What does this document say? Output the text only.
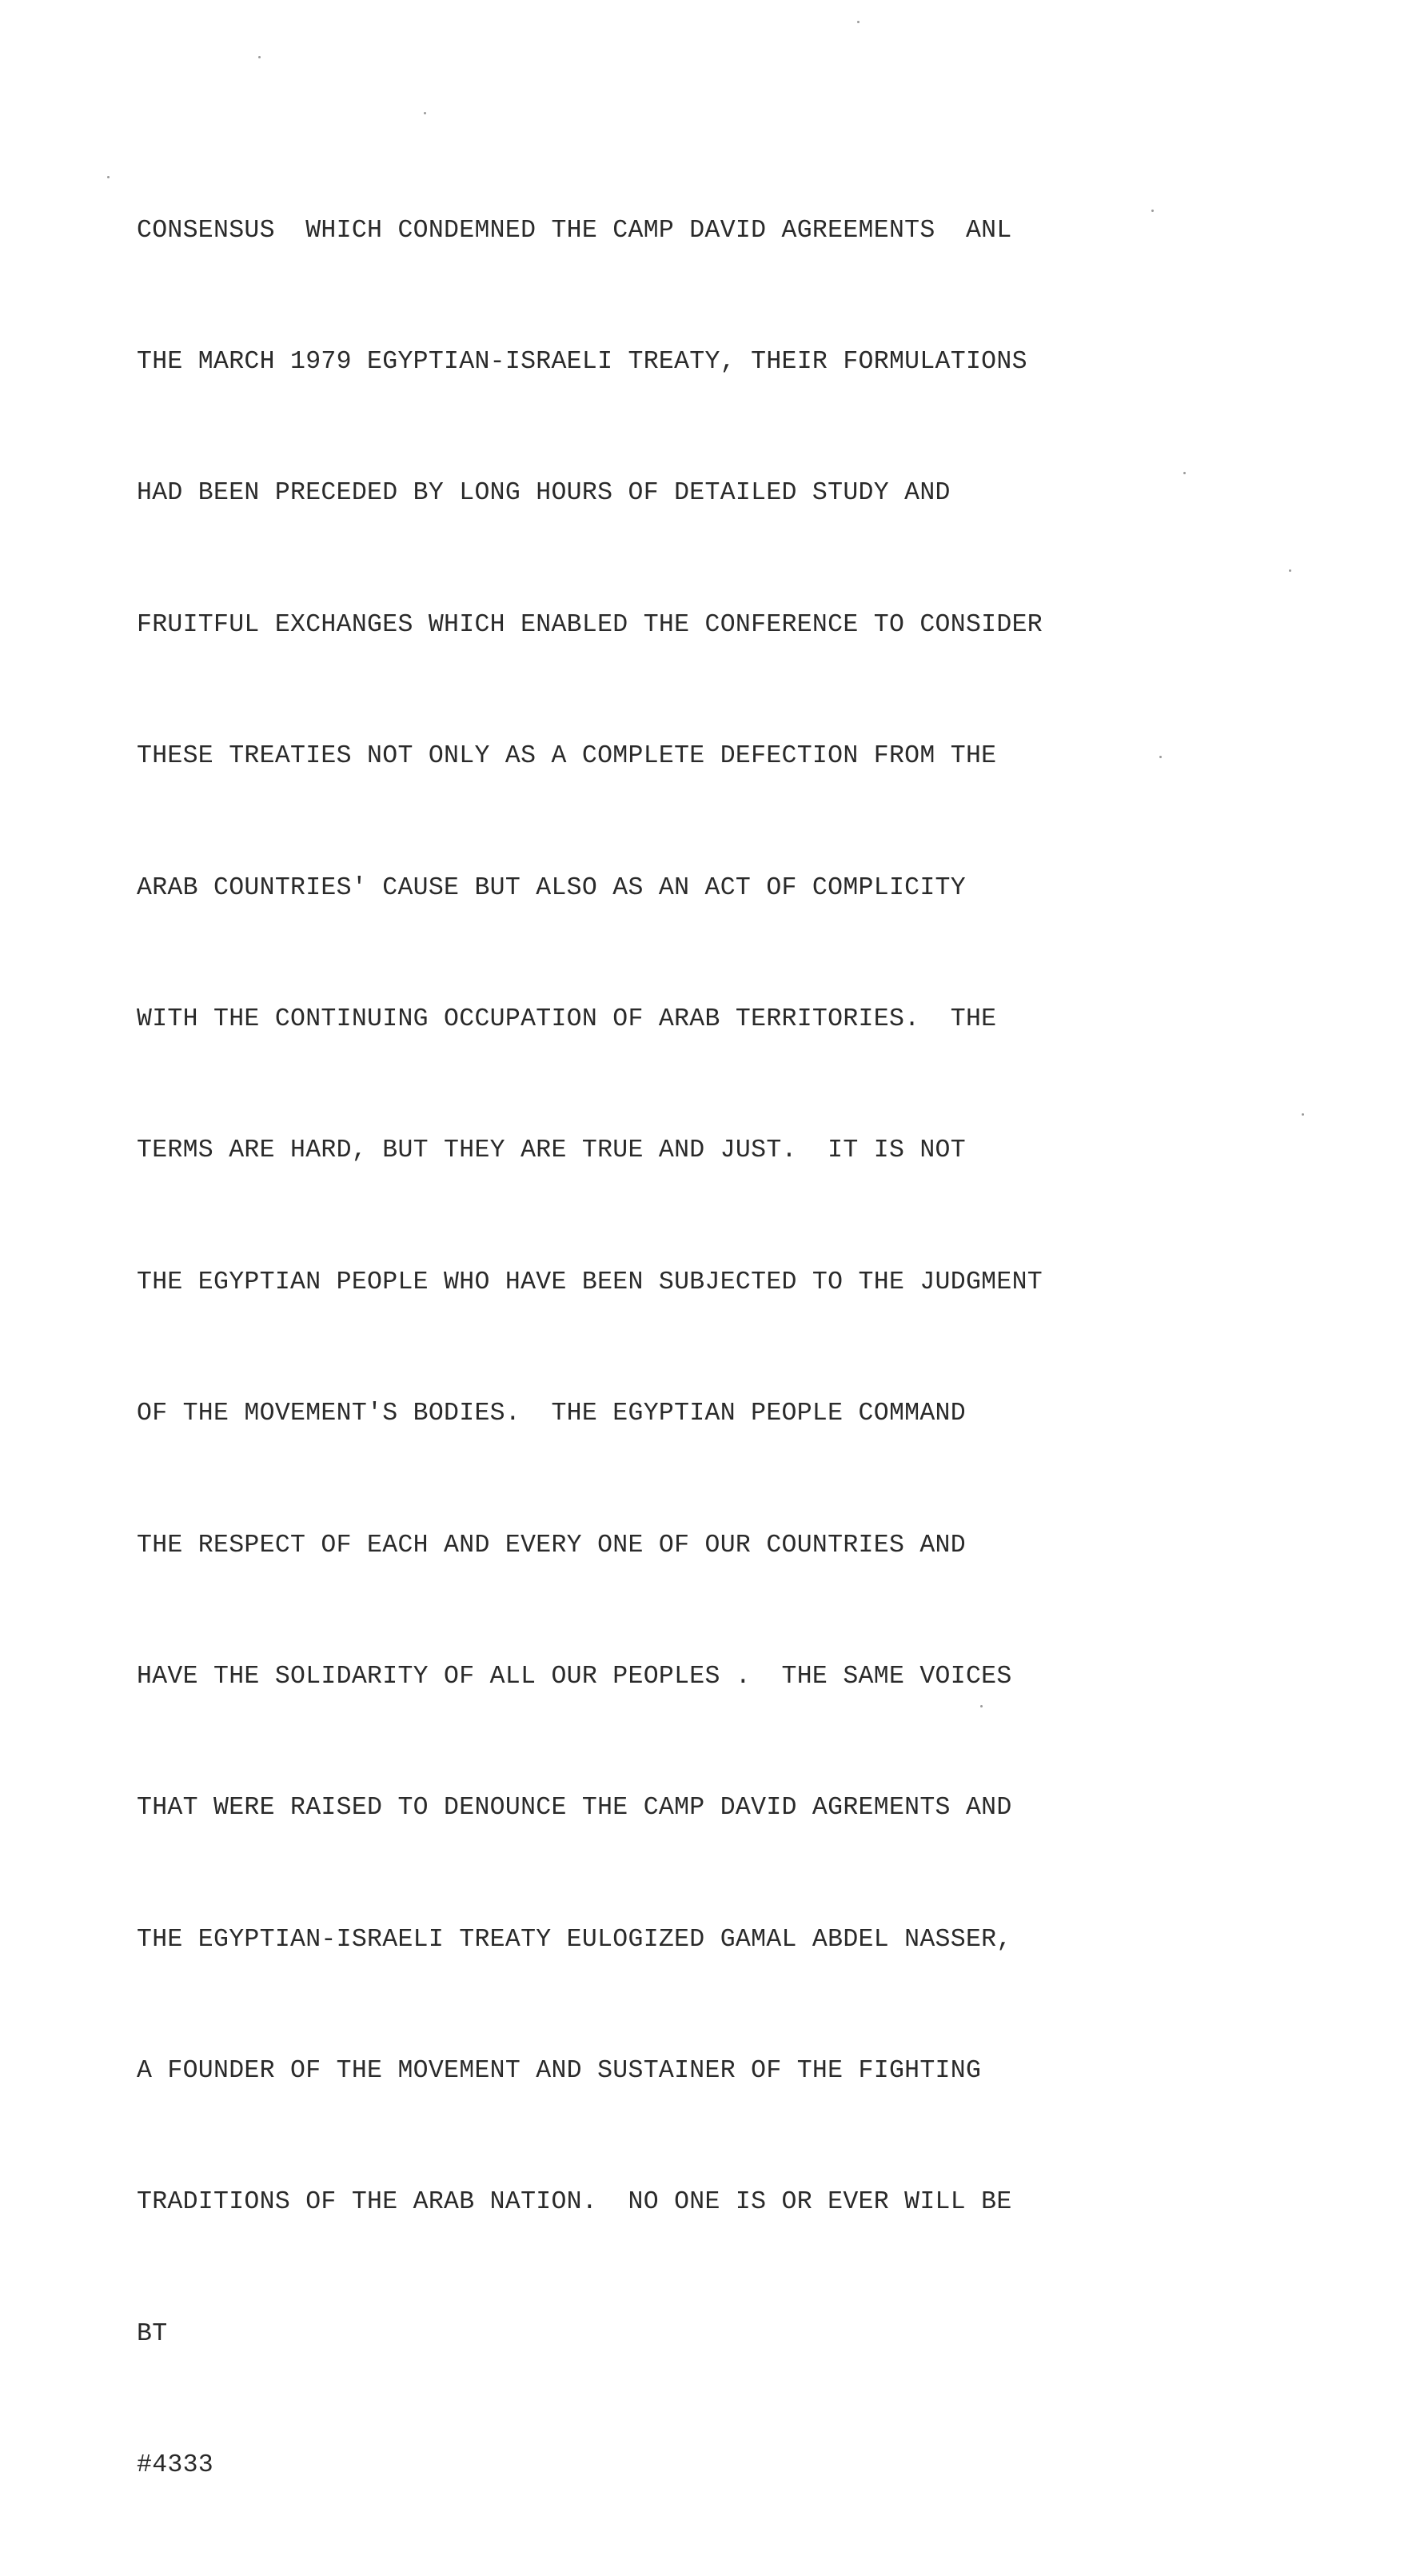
CONSENSUS  WHICH CONDEMNED THE CAMP DAVID AGREEMENTS  ANL

THE MARCH 1979 EGYPTIAN-ISRAELI TREATY, THEIR FORMULATIONS

HAD BEEN PRECEDED BY LONG HOURS OF DETAILED STUDY AND

FRUITFUL EXCHANGES WHICH ENABLED THE CONFERENCE TO CONSIDER

THESE TREATIES NOT ONLY AS A COMPLETE DEFECTION FROM THE

ARAB COUNTRIES' CAUSE BUT ALSO AS AN ACT OF COMPLICITY

WITH THE CONTINUING OCCUPATION OF ARAB TERRITORIES.  THE

TERMS ARE HARD, BUT THEY ARE TRUE AND JUST.  IT IS NOT

THE EGYPTIAN PEOPLE WHO HAVE BEEN SUBJECTED TO THE JUDGMENT

OF THE MOVEMENT'S BODIES.  THE EGYPTIAN PEOPLE COMMAND

THE RESPECT OF EACH AND EVERY ONE OF OUR COUNTRIES AND

HAVE THE SOLIDARITY OF ALL OUR PEOPLES .  THE SAME VOICES

THAT WERE RAISED TO DENOUNCE THE CAMP DAVID AGREMENTS AND

THE EGYPTIAN-ISRAELI TREATY EULOGIZED GAMAL ABDEL NASSER,

A FOUNDER OF THE MOVEMENT AND SUSTAINER OF THE FIGHTING

TRADITIONS OF THE ARAB NATION.  NO ONE IS OR EVER WILL BE

BT

#4333
